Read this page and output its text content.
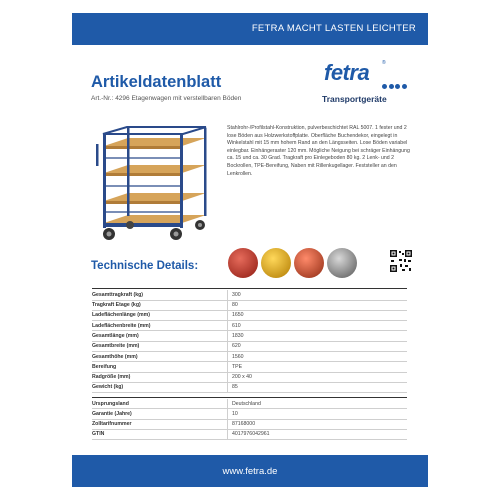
FETRA MACHT LASTEN LEICHTER
Artikeldatenblatt
Art.-Nr.: 4296 Etagenwagen mit verstellbaren Böden
fetra	®
Transportgeräte
Stahlrohr-/Profilstahl-Konstruktion, pulverbeschichtet RAL 5007. 1 fester und 2 lose Böden aus Holzwerkstoffplatte. Oberfläche Buchendekor, eingelegt in Winkelstahl mit 15 mm hohem Rand an den Längsseiten. Lose Böden variabel einlegbar. Einhängeraster 120 mm. Mögliche Neigung bei schräger Einhängung ca. 15 und ca. 30 Grad. Tragkraft pro Einlegeboden 80 kg. 2 Lenk- und 2 Bockrollen, TPE-Bereifung, Naben mit Rillenkugellager. Feststeller an den Lenkrollen.
Technische Details:
Gesamttragkraft (kg)	300
Tragkraft Etage (kg)	80
Ladeflächenlänge (mm)	1650
Ladeflächenbreite (mm)	610
Gesamtlänge (mm)	1830
Gesamtbreite (mm)	620
Gesamthöhe (mm)	1560
Bereifung	TPE
Radgröße (mm)	200 x 40
Gewicht (kg)	85
Ursprungsland	Deutschland
Garantie (Jahre)	10
Zolltarifnummer	87168000
GTIN	4017976042961
www.fetra.de
